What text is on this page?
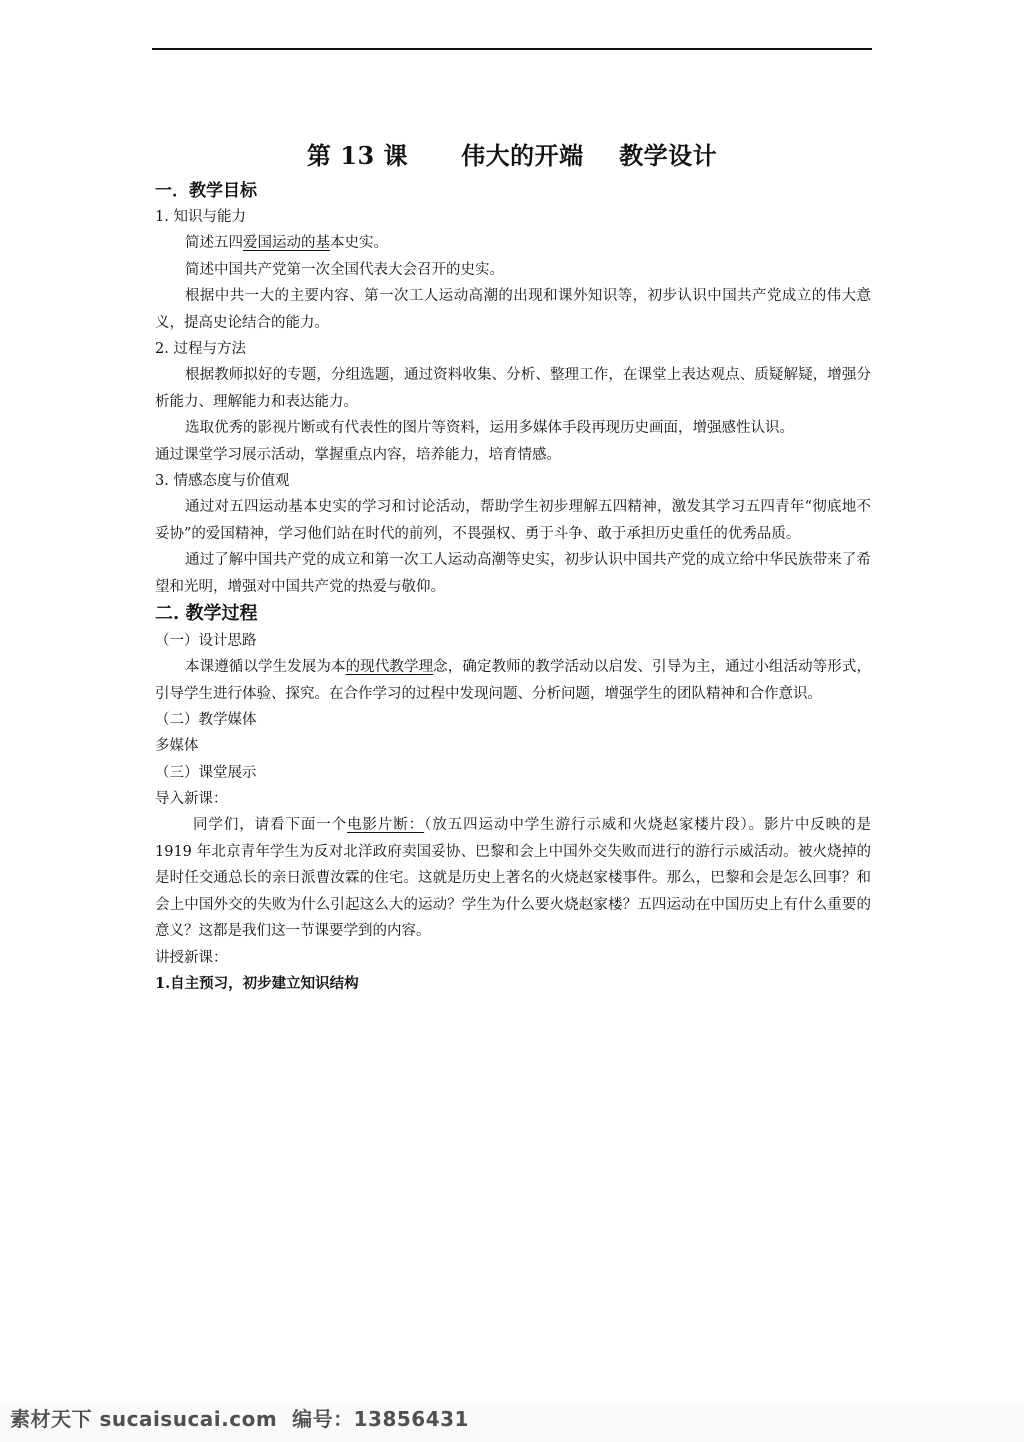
第 13 课      伟大的开端    教学设计
一．教学目标
1. 知识与能力
简述五四爱国运动的基本史实。
简述中国共产党第一次全国代表大会召开的史实。
根据中共一大的主要内容、第一次工人运动高潮的出现和课外知识等，初步认识中国共产党成立的伟大意义，提高史论结合的能力。
2. 过程与方法
根据教师拟好的专题，分组选题，通过资料收集、分析、整理工作，在课堂上表达观点、质疑解疑，增强分析能力、理解能力和表达能力。
选取优秀的影视片断或有代表性的图片等资料，运用多媒体手段再现历史画面，增强感性认识。
通过课堂学习展示活动，掌握重点内容，培养能力，培育情感。
3. 情感态度与价值观
通过对五四运动基本史实的学习和讨论活动，帮助学生初步理解五四精神，激发其学习五四青年“彻底地不妥协”的爱国精神，学习他们站在时代的前列，不畏强权、勇于斗争、敢于承担历史重任的优秀品质。
通过了解中国共产党的成立和第一次工人运动高潮等史实，初步认识中国共产党的成立给中华民族带来了希望和光明，增强对中国共产党的热爱与敬仰。
二. 教学过程
（一）设计思路
本课遵循以学生发展为本的现代教学理念，确定教师的教学活动以启发、引导为主，通过小组活动等形式，引导学生进行体验、探究。在合作学习的过程中发现问题、分析问题，增强学生的团队精神和合作意识。
（二）教学媒体
多媒体
（三）课堂展示
导入新课：
同学们，请看下面一个电影片断：（放五四运动中学生游行示威和火烧赵家楼片段）。影片中反映的是 1919 年北京青年学生为反对北洋政府卖国妥协、巴黎和会上中国外交失败而进行的游行示威活动。被火烧掉的是时任交通总长的亲日派曹汝霖的住宅。这就是历史上著名的火烧赵家楼事件。那么，巴黎和会是怎么回事？和会上中国外交的失败为什么引起这么大的运动？学生为什么要火烧赵家楼？五四运动在中国历史上有什么重要的意义？这都是我们这一节课要学到的内容。
讲授新课：
1.自主预习，初步建立知识结构
素材天下 sucaisucai.com  编号：13856431
